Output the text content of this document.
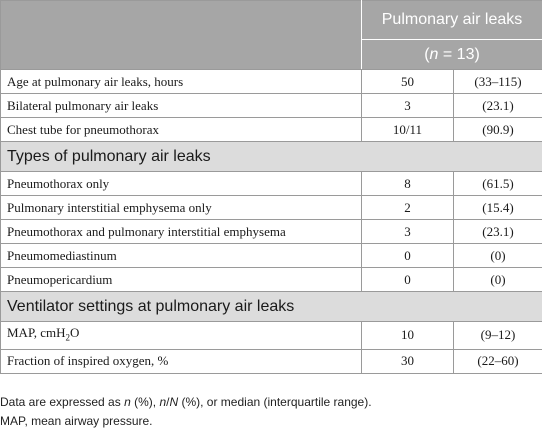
	Pulmonary air leaks	
	(n = 13)	
Age at pulmonary air leaks, hours	50	(33–115)
Bilateral pulmonary air leaks	3	(23.1)
Chest tube for pneumothorax	10/11	(90.9)
Types of pulmonary air leaks		
Pneumothorax only	8	(61.5)
Pulmonary interstitial emphysema only	2	(15.4)
Pneumothorax and pulmonary interstitial emphysema	3	(23.1)
Pneumomediastinum	0	(0)
Pneumopericardium	0	(0)
Ventilator settings at pulmonary air leaks		
MAP, cmH$_2$O	10	(9–12)
Fraction of inspired oxygen, %	30	(22–60)
Data are expressed as n (%), n/N (%), or median (interquartile range).
MAP, mean airway pressure.
